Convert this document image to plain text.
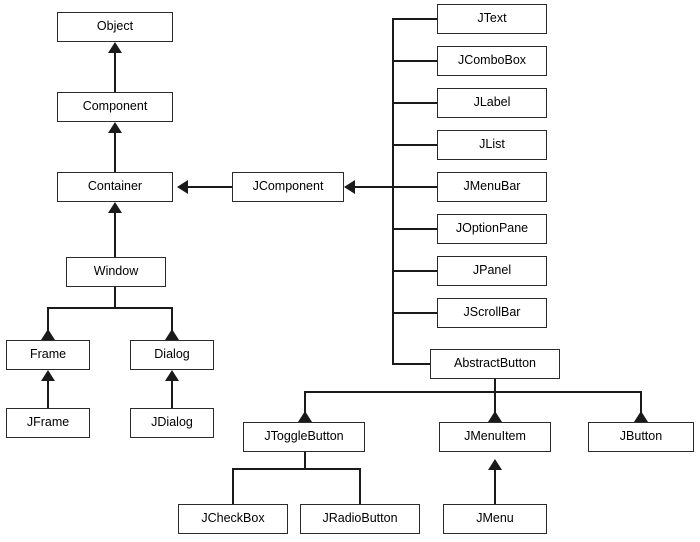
Object
Component
Container
Window
Frame	Dialog
JFrame	JDialog
JComponent
JText
JComboBox
JLabel
JList
JMenuBar
JOptionPane
JPanel
JScrollBar
AbstractButton
JToggleButton	JMenuItem	JButton
JCheckBox	JRadioButton	JMenu
